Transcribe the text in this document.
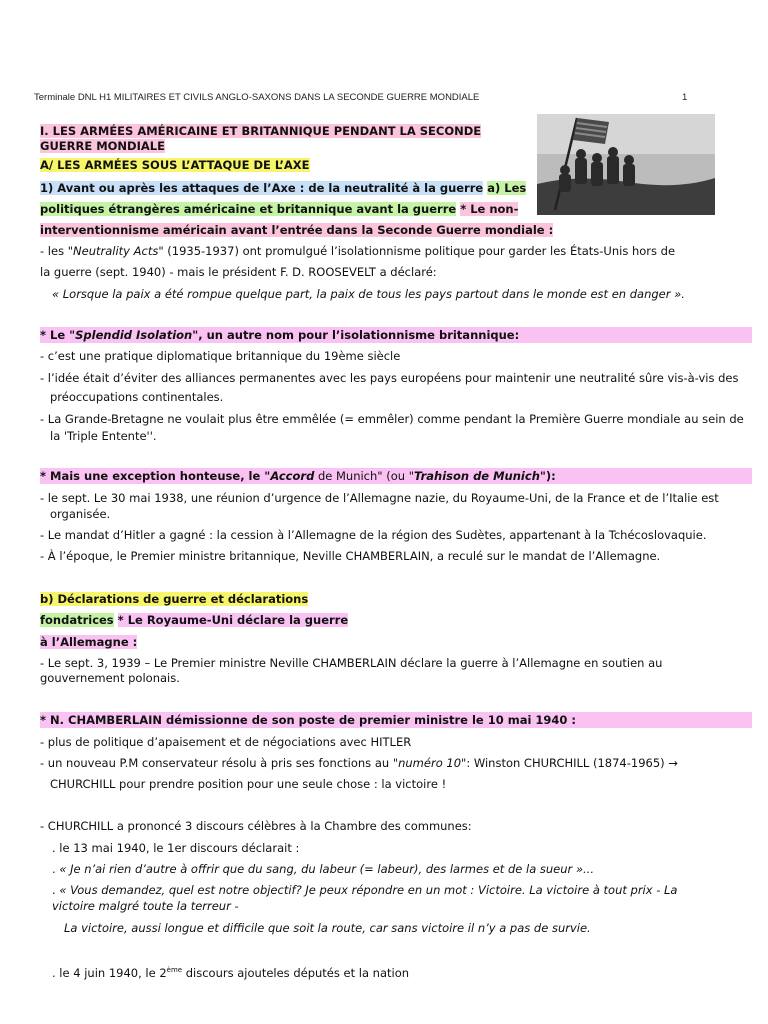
Terminale DNL H1 MILITAIRES ET CIVILS ANGLO-SAXONS DANS LA SECONDE GUERRE MONDIALE	1
I. LES ARMÉES AMÉRICAINE ET BRITANNIQUE PENDANT LA SECONDE
GUERRE MONDIALE
A/ LES ARMÉES SOUS L’ATTAQUE DE L’AXE
1) Avant ou après les attaques de l’Axe : de la neutralité à la guerre a) Les
politiques étrangères américaine et britannique avant la guerre * Le non-
interventionnisme américain avant l’entrée dans la Seconde Guerre mondiale :
- les "Neutrality Acts" (1935-1937) ont promulgué l’isolationnisme politique pour garder les États-Unis hors de
la guerre (sept. 1940) - mais le président F. D. ROOSEVELT a déclaré:
« Lorsque la paix a été rompue quelque part, la paix de tous les pays partout dans le monde est en danger ».
* Le "Splendid Isolation", un autre nom pour l’isolationnisme britannique:
- c’est une pratique diplomatique britannique du 19ème siècle
- l’idée était d’éviter des alliances permanentes avec les pays européens pour maintenir une neutralité sûre vis-à-vis des
préoccupations continentales.
- La Grande-Bretagne ne voulait plus être emmêlée (= emmêler) comme pendant la Première Guerre mondiale au sein de
la 'Triple Entente''.
* Mais une exception honteuse, le "Accord de Munich" (ou "Trahison de Munich"):
- le sept. Le 30 mai 1938, une réunion d’urgence de l’Allemagne nazie, du Royaume-Uni, de la France et de l’Italie est
organisée.
- Le mandat d’Hitler a gagné : la cession à l’Allemagne de la région des Sudètes, appartenant à la Tchécoslovaquie.
- À l’époque, le Premier ministre britannique, Neville CHAMBERLAIN, a reculé sur le mandat de l’Allemagne.
b) Déclarations de guerre et déclarations
fondatrices * Le Royaume-Uni déclare la guerre
à l’Allemagne :
- Le sept. 3, 1939 – Le Premier ministre Neville CHAMBERLAIN déclare la guerre à l’Allemagne en soutien au
gouvernement polonais.
* N. CHAMBERLAIN démissionne de son poste de premier ministre le 10 mai 1940 :
- plus de politique d’apaisement et de négociations avec HITLER
- un nouveau P.M conservateur résolu à pris ses fonctions au "numéro 10": Winston CHURCHILL (1874-1965) →
CHURCHILL pour prendre position pour une seule chose : la victoire !
- CHURCHILL a prononcé 3 discours célèbres à la Chambre des communes:
. le 13 mai 1940, le 1er discours déclarait :
. « Je n’ai rien d’autre à offrir que du sang, du labeur (= labeur), des larmes et de la sueur »...
. « Vous demandez, quel est notre objectif? Je peux répondre en un mot : Victoire. La victoire à tout prix - La
victoire malgré toute la terreur -
La victoire, aussi longue et difficile que soit la route, car sans victoire il n’y a pas de survie.
. le 4 juin 1940, le 2ème discours ajouteles députés et la nation
